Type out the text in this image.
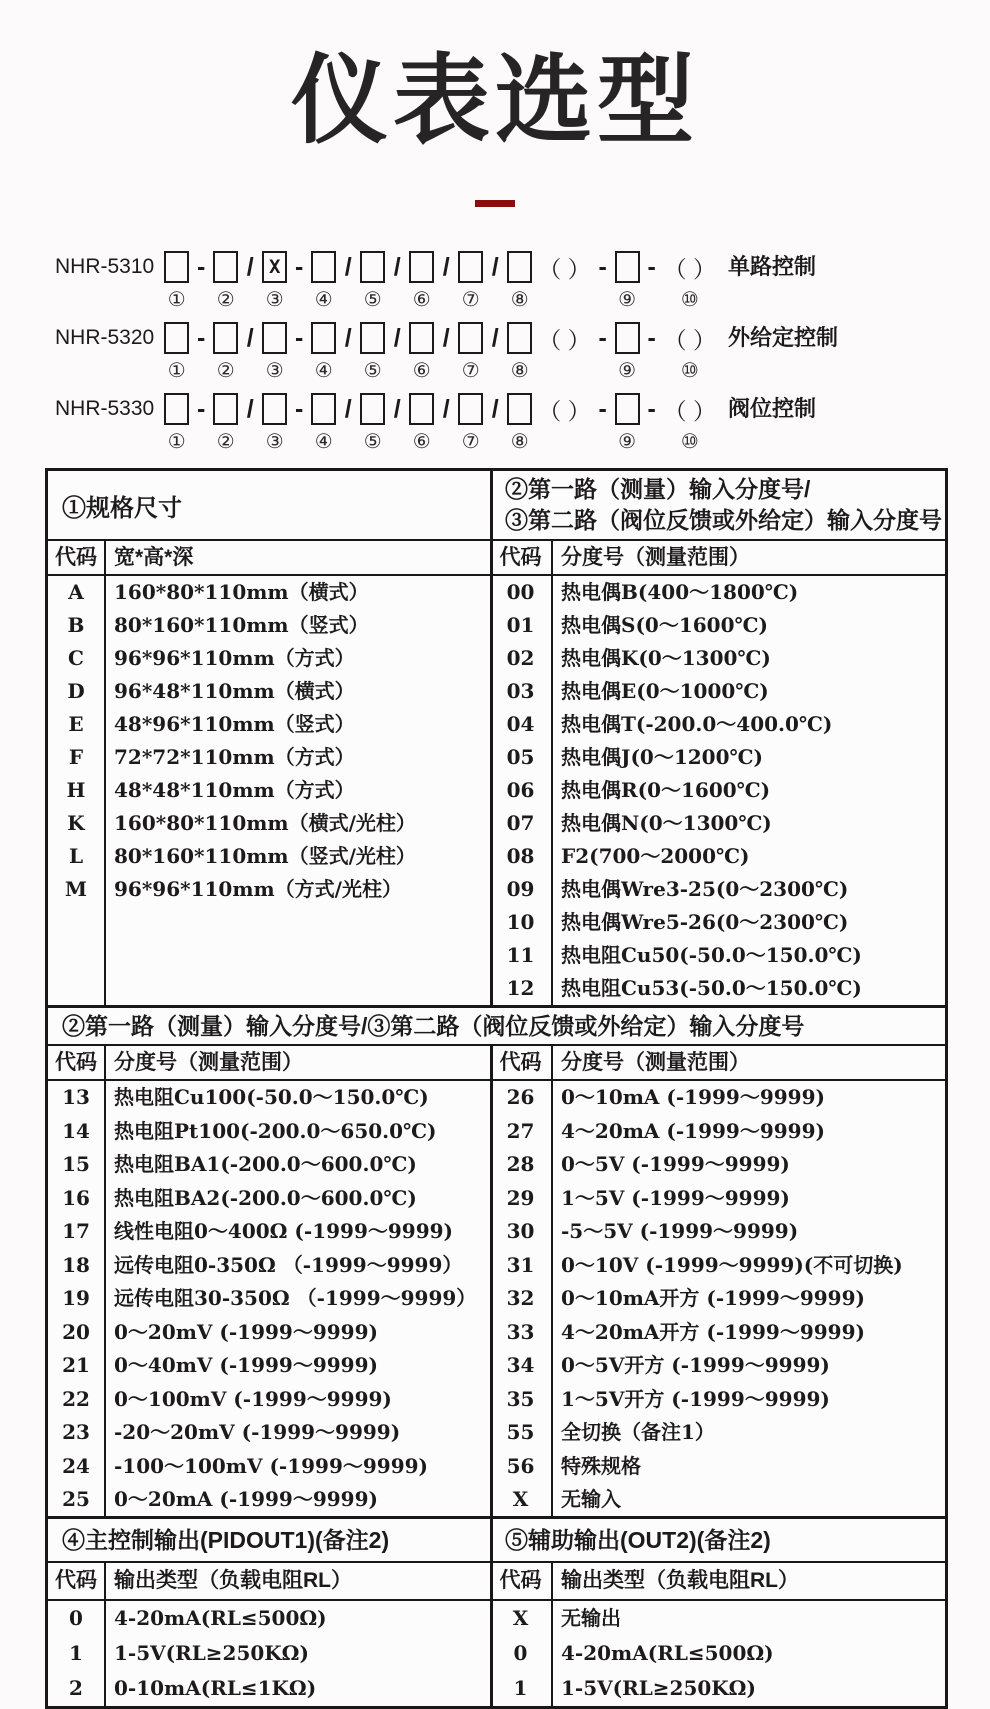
仪表选型
NHR-5310
①
-
②
/ X
③
-
④
/
⑤
/
⑥
/
⑦
/
⑧
（ ） -
⑨
- （ ）
⑩
单路控制
NHR-5320
①
-
②
/
③
-
④
/
⑤
/
⑥
/
⑦
/
⑧
（ ） -
⑨
- （ ）
⑩
外给定控制
NHR-5330
①
-
②
/
③
-
④
/
⑤
/
⑥
/
⑦
/
⑧
（ ） -
⑨
- （ ）
⑩
阀位控制
①规格尺寸
②第一路（测量）输入分度号/
③第二路（阀位反馈或外给定）输入分度号
代码 宽*高*深	代码 分度号（测量范围）
A	160*80*110mm（横式）
B	80*160*110mm（竖式）
C	96*96*110mm（方式）
D	96*48*110mm（横式）
E	48*96*110mm（竖式）
F	72*72*110mm（方式）
H	48*48*110mm（方式）
K	160*80*110mm（横式/光柱）
L	80*160*110mm（竖式/光柱）
M	96*96*110mm（方式/光柱）
00	热电偶B(400～1800℃)
01	热电偶S(0～1600℃)
02	热电偶K(0～1300℃)
03	热电偶E(0～1000℃)
04	热电偶T(-200.0～400.0℃)
05	热电偶J(0～1200℃)
06	热电偶R(0～1600℃)
07	热电偶N(0～1300℃)
08	F2(700～2000℃)
09	热电偶Wre3-25(0～2300℃)
10	热电偶Wre5-26(0～2300℃)
11	热电阻Cu50(-50.0～150.0℃)
12	热电阻Cu53(-50.0～150.0℃)
②第一路（测量）输入分度号/③第二路（阀位反馈或外给定）输入分度号
代码 分度号（测量范围）	代码 分度号（测量范围）
13	热电阻Cu100(-50.0～150.0℃)
14	热电阻Pt100(-200.0～650.0℃)
15	热电阻BA1(-200.0～600.0℃)
16	热电阻BA2(-200.0～600.0℃)
17	线性电阻0～400Ω (-1999～9999)
18	远传电阻0-350Ω （-1999～9999）
19	远传电阻30-350Ω （-1999～9999）
20	0～20mV (-1999～9999)
21	0～40mV (-1999～9999)
22	0～100mV (-1999～9999)
23	-20～20mV (-1999～9999)
24	-100～100mV (-1999～9999)
25	0～20mA (-1999～9999)
26	0～10mA (-1999～9999)
27	4～20mA (-1999～9999)
28	0～5V (-1999～9999)
29	1～5V (-1999～9999)
30	-5～5V (-1999～9999)
31	0～10V (-1999～9999)(不可切换)
32	0～10mA开方 (-1999～9999)
33	4～20mA开方 (-1999～9999)
34	0～5V开方 (-1999～9999)
35	1～5V开方 (-1999～9999)
55	全切换（备注1）
56	特殊规格
X	无输入
④主控制输出(PIDOUT1)(备注2)	⑤辅助输出(OUT2)(备注2)
代码 输出类型（负载电阻RL）	代码 输出类型（负载电阻RL）
0	4-20mA(RL≤500Ω)
1	1-5V(RL≥250KΩ)
2	0-10mA(RL≤1KΩ)
X	无输出
0	4-20mA(RL≤500Ω)
1	1-5V(RL≥250KΩ)
